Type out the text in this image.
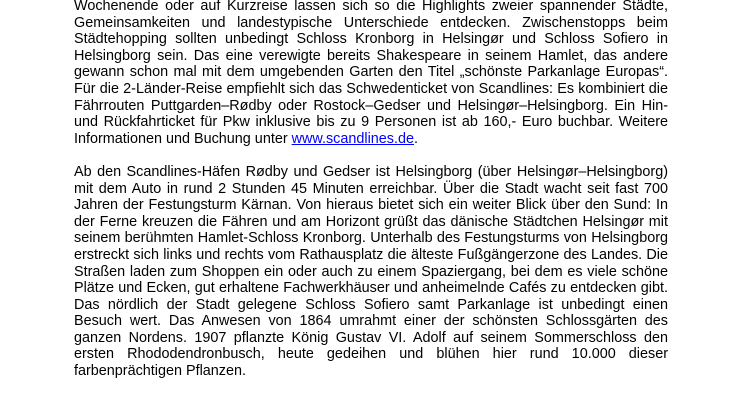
Wochenende oder auf Kurzreise lassen sich so die Highlights zweier spannender Städte, Gemeinsamkeiten und landestypische Unterschiede entdecken. Zwischenstopps beim Städtehopping sollten unbedingt Schloss Kronborg in Helsingør und Schloss Sofiero in Helsingborg sein. Das eine verewigte bereits Shakespeare in seinem Hamlet, das andere gewann schon mal mit dem umgebenden Garten den Titel „schönste Parkanlage Europas“. Für die 2-Länder-Reise empfiehlt sich das Schwedenticket von Scandlines: Es kombiniert die Fährrouten Puttgarden–Rødby oder Rostock–Gedser und Helsingør–Helsingborg. Ein Hin- und Rückfahrticket für Pkw inklusive bis zu 9 Personen ist ab 160,- Euro buchbar. Weitere Informationen und Buchung unter www.scandlines.de.

Ab den Scandlines-Häfen Rødby und Gedser ist Helsingborg (über Helsingør–Helsingborg) mit dem Auto in rund 2 Stunden 45 Minuten erreichbar. Über die Stadt wacht seit fast 700 Jahren der Festungsturm Kärnan. Von hieraus bietet sich ein weiter Blick über den Sund: In der Ferne kreuzen die Fähren und am Horizont grüßt das dänische Städtchen Helsingør mit seinem berühmten Hamlet-Schloss Kronborg. Unterhalb des Festungsturms von Helsingborg erstreckt sich links und rechts vom Rathausplatz die älteste Fußgängerzone des Landes. Die Straßen laden zum Shoppen ein oder auch zu einem Spaziergang, bei dem es viele schöne Plätze und Ecken, gut erhaltene Fachwerkhäuser und anheimelnde Cafés zu entdecken gibt. Das nördlich der Stadt gelegene Schloss Sofiero samt Parkanlage ist unbedingt einen Besuch wert. Das Anwesen von 1864 umrahmt einer der schönsten Schlossgärten des ganzen Nordens. 1907 pflanzte König Gustav VI. Adolf auf seinem Sommerschloss den ersten Rhododendronbusch, heute gedeihen und blühen hier rund 10.000 dieser farbenprächtigen Pflanzen.
